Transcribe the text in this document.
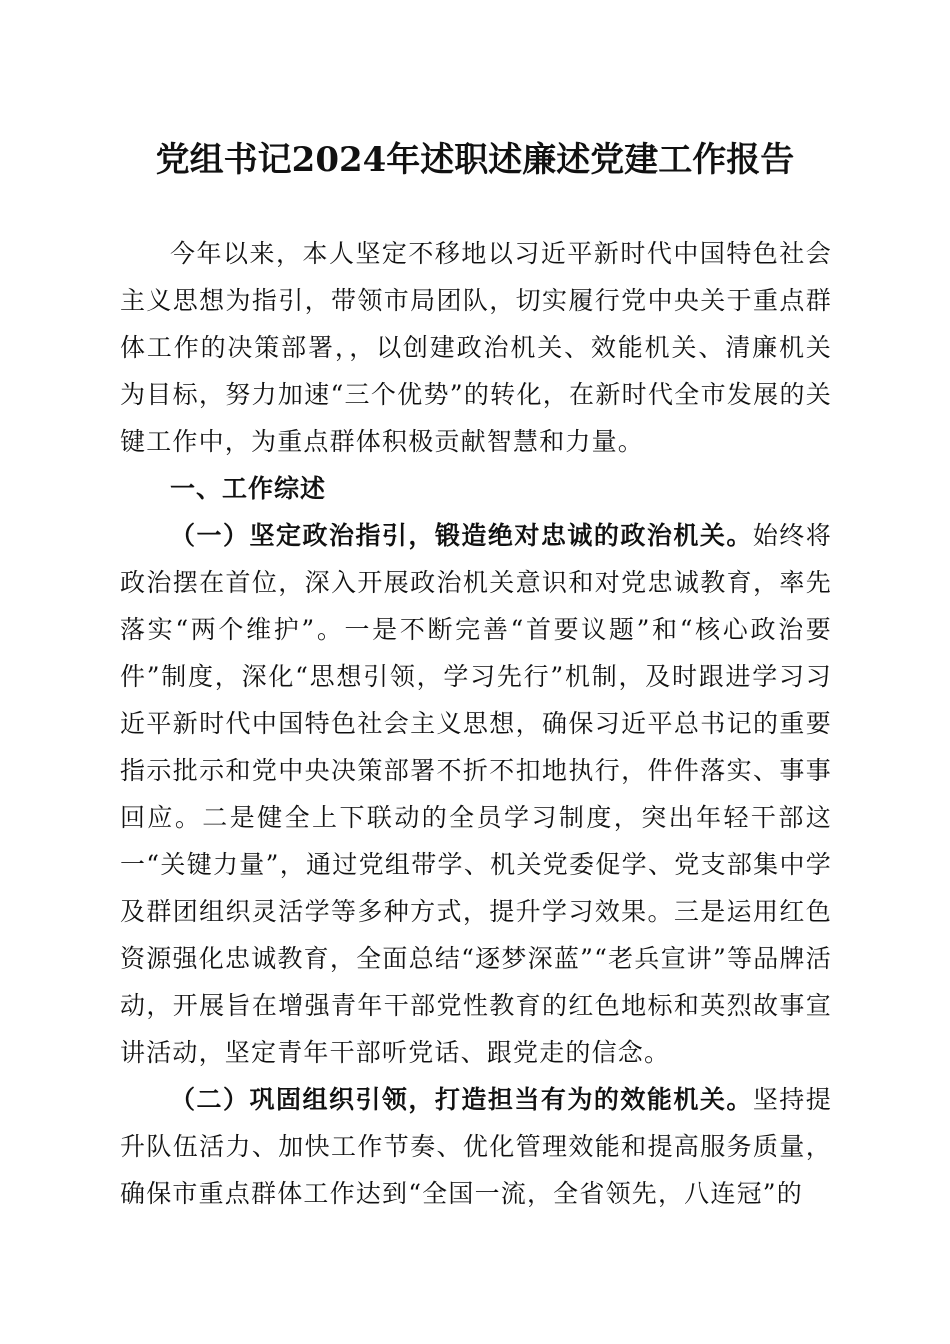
党组书记2024年述职述廉述党建工作报告

今年以来，本人坚定不移地以习近平新时代中国特色社会主义思想为指引，带领市局团队，切实履行党中央关于重点群体工作的决策部署，，以创建政治机关、效能机关、清廉机关为目标，努力加速“三个优势”的转化，在新时代全市发展的关键工作中，为重点群体积极贡献智慧和力量。

一、工作综述

（一）坚定政治指引，锻造绝对忠诚的政治机关。始终将政治摆在首位，深入开展政治机关意识和对党忠诚教育，率先落实“两个维护”。一是不断完善“首要议题”和“核心政治要件”制度，深化“思想引领，学习先行”机制，及时跟进学习习近平新时代中国特色社会主义思想，确保习近平总书记的重要指示批示和党中央决策部署不折不扣地执行，件件落实、事事回应。二是健全上下联动的全员学习制度，突出年轻干部这一“关键力量”，通过党组带学、机关党委促学、党支部集中学及群团组织灵活学等多种方式，提升学习效果。三是运用红色资源强化忠诚教育，全面总结“逐梦深蓝”“老兵宣讲”等品牌活动，开展旨在增强青年干部党性教育的红色地标和英烈故事宣讲活动，坚定青年干部听党话、跟党走的信念。

（二）巩固组织引领，打造担当有为的效能机关。坚持提升队伍活力、加快工作节奏、优化管理效能和提高服务质量，确保市重点群体工作达到“全国一流，全省领先，八连冠”的
